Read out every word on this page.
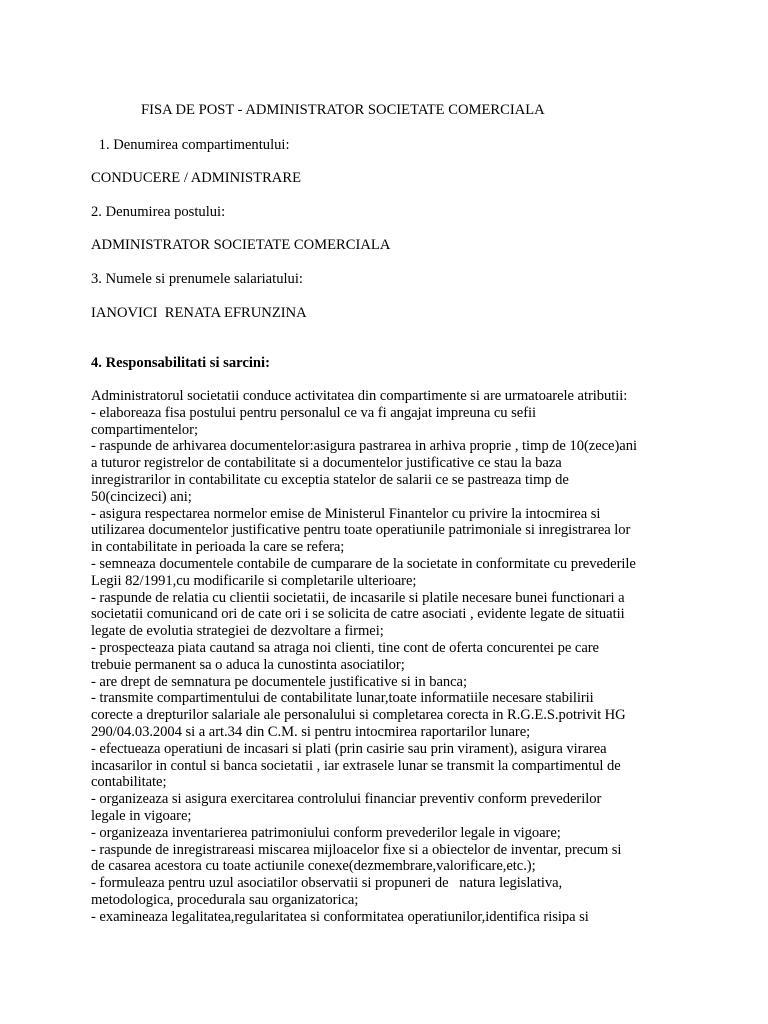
FISA DE POST - ADMINISTRATOR SOCIETATE COMERCIALA
1. Denumirea compartimentului:
CONDUCERE / ADMINISTRARE
2. Denumirea postului:
ADMINISTRATOR SOCIETATE COMERCIALA
3. Numele si prenumele salariatului:
IANOVICI  RENATA EFRUNZINA
4. Responsabilitati si sarcini:
Administratorul societatii conduce activitatea din compartimente si are urmatoarele atributii:
- elaboreaza fisa postului pentru personalul ce va fi angajat impreuna cu sefii
compartimentelor;
- raspunde de arhivarea documentelor:asigura pastrarea in arhiva proprie , timp de 10(zece)ani
a tuturor registrelor de contabilitate si a documentelor justificative ce stau la baza
inregistrarilor in contabilitate cu exceptia statelor de salarii ce se pastreaza timp de
50(cincizeci) ani;
- asigura respectarea normelor emise de Ministerul Finantelor cu privire la intocmirea si
utilizarea documentelor justificative pentru toate operatiunile patrimoniale si inregistrarea lor
in contabilitate in perioada la care se refera;
- semneaza documentele contabile de cumparare de la societate in conformitate cu prevederile
Legii 82/1991,cu modificarile si completarile ulterioare;
- raspunde de relatia cu clientii societatii, de incasarile si platile necesare bunei functionari a
societatii comunicand ori de cate ori i se solicita de catre asociati , evidente legate de situatii
legate de evolutia strategiei de dezvoltare a firmei;
- prospecteaza piata cautand sa atraga noi clienti, tine cont de oferta concurentei pe care
trebuie permanent sa o aduca la cunostinta asociatilor;
- are drept de semnatura pe documentele justificative si in banca;
- transmite compartimentului de contabilitate lunar,toate informatiile necesare stabilirii
corecte a drepturilor salariale ale personalului si completarea corecta in R.G.E.S.potrivit HG
290/04.03.2004 si a art.34 din C.M. si pentru intocmirea raportarilor lunare;
- efectueaza operatiuni de incasari si plati (prin casirie sau prin virament), asigura virarea
incasarilor in contul si banca societatii , iar extrasele lunar se transmit la compartimentul de
contabilitate;
- organizeaza si asigura exercitarea controlului financiar preventiv conform prevederilor
legale in vigoare;
- organizeaza inventarierea patrimoniului conform prevederilor legale in vigoare;
- raspunde de inregistrareasi miscarea mijloacelor fixe si a obiectelor de inventar, precum si
de casarea acestora cu toate actiunile conexe(dezmembrare,valorificare,etc.);
- formuleaza pentru uzul asociatilor observatii si propuneri de   natura legislativa,
metodologica, procedurala sau organizatorica;
- examineaza legalitatea,regularitatea si conformitatea operatiunilor,identifica risipa si
